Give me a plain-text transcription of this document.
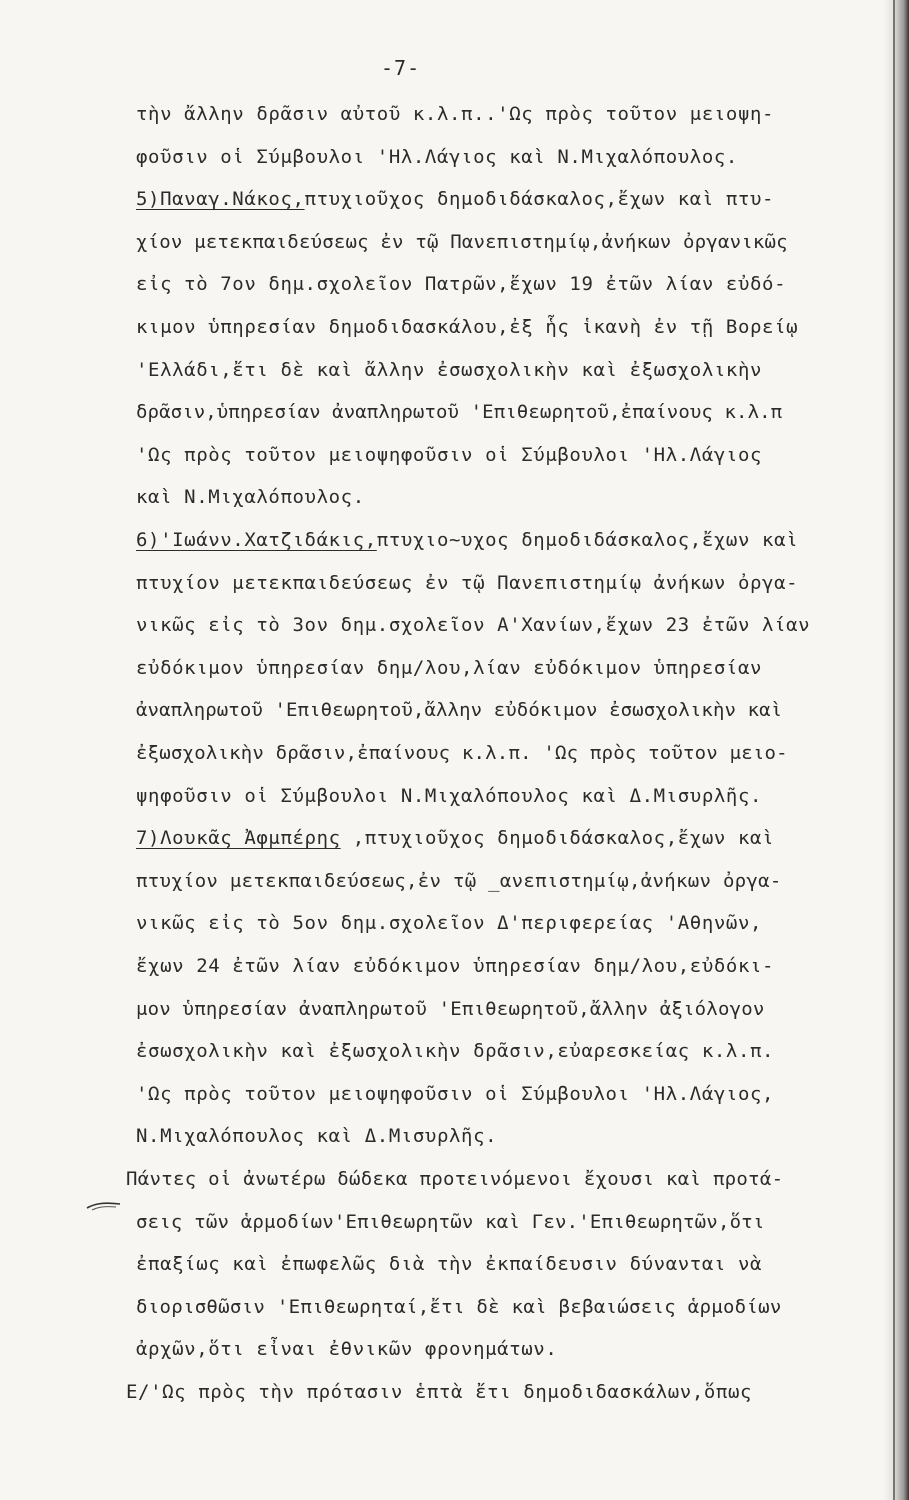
-7-
τὴν ἄλλην δρᾶσιν αὐτοῦ κ.λ.π..'Ως πρὸς τοῦτον μειοψη-
φοῦσιν οἱ Σύμβουλοι 'Ηλ.Λάγιος καὶ Ν.Μιχαλόπουλος.
5)Παναγ.Νάκος,πτυχιοῦχος δημοδιδάσκαλος,ἔχων καὶ πτυ-
χίον μετεκπαιδεύσεως ἐν τῷ Πανεπιστημίῳ,ἀνήκων ὀργανικῶς
εἰς τὸ 7ον δημ.σχολεῖον Πατρῶν,ἔχων 19 ἐτῶν λίαν εὐδό-
κιμον ὑπηρεσίαν δημοδιδασκάλου,ἐξ ἧς ἱκανὴ ἐν τῇ Βορείῳ
'Ελλάδι,ἔτι δὲ καὶ ἄλλην ἐσωσχολικὴν καὶ ἐξωσχολικὴν
δρᾶσιν,ὑπηρεσίαν ἀναπληρωτοῦ 'Επιθεωρητοῦ,ἐπαίνους κ.λ.π
'Ως πρὸς τοῦτον μειοψηφοῦσιν οἱ Σύμβουλοι 'Ηλ.Λάγιος
καὶ Ν.Μιχαλόπουλος.
6)'Ιωάνν.Χατζιδάκις,πτυχιο~υχος δημοδιδάσκαλος,ἔχων καὶ
πτυχίον μετεκπαιδεύσεως ἐν τῷ Πανεπιστημίῳ ἀνήκων ὀργα-
νικῶς εἰς τὸ 3ον δημ.σχολεῖον Α'Χανίων,ἔχων 23 ἐτῶν λίαν
εὐδόκιμον ὑπηρεσίαν δημ/λου,λίαν εὐδόκιμον ὑπηρεσίαν
ἀναπληρωτοῦ 'Επιθεωρητοῦ,ἄλλην εὐδόκιμον ἐσωσχολικὴν καὶ
ἐξωσχολικὴν δρᾶσιν,ἐπαίνους κ.λ.π. 'Ως πρὸς τοῦτον μειο-
ψηφοῦσιν οἱ Σύμβουλοι Ν.Μιχαλόπουλος καὶ Δ.Μισυρλῆς.
7)Λουκᾶς Ἀφμπέρης ,πτυχιοῦχος δημοδιδάσκαλος,ἔχων καὶ
πτυχίον μετεκπαιδεύσεως,ἐν τῷ _ανεπιστημίῳ,ἀνήκων ὀργα-
νικῶς εἰς τὸ 5ον δημ.σχολεῖον Δ'περιφερείας 'Αθηνῶν,
ἔχων 24 ἐτῶν λίαν εὐδόκιμον ὑπηρεσίαν δημ/λου,εὐδόκι-
μον ὑπηρεσίαν ἀναπληρωτοῦ 'Επιθεωρητοῦ,ἄλλην ἀξιόλογον
ἐσωσχολικὴν καὶ ἐξωσχολικὴν δρᾶσιν,εὐαρεσκείας κ.λ.π.
'Ως πρὸς τοῦτον μειοψηφοῦσιν οἱ Σύμβουλοι 'Ηλ.Λάγιος,
Ν.Μιχαλόπουλος καὶ Δ.Μισυρλῆς.
Πάντες οἱ ἀνωτέρω δώδεκα προτεινόμενοι ἔχουσι καὶ προτά-
σεις τῶν ἁρμοδίων'Επιθεωρητῶν καὶ Γεν.'Επιθεωρητῶν,ὅτι
ἐπαξίως καὶ ἐπωφελῶς διὰ τὴν ἐκπαίδευσιν δύνανται νὰ
διορισθῶσιν 'Επιθεωρηταί,ἔτι δὲ καὶ βεβαιώσεις ἁρμοδίων
ἀρχῶν,ὅτι εἶναι ἐθνικῶν φρονημάτων.
Ε/'Ως πρὸς τὴν πρότασιν ἑπτὰ ἔτι δημοδιδασκάλων,ὅπως
